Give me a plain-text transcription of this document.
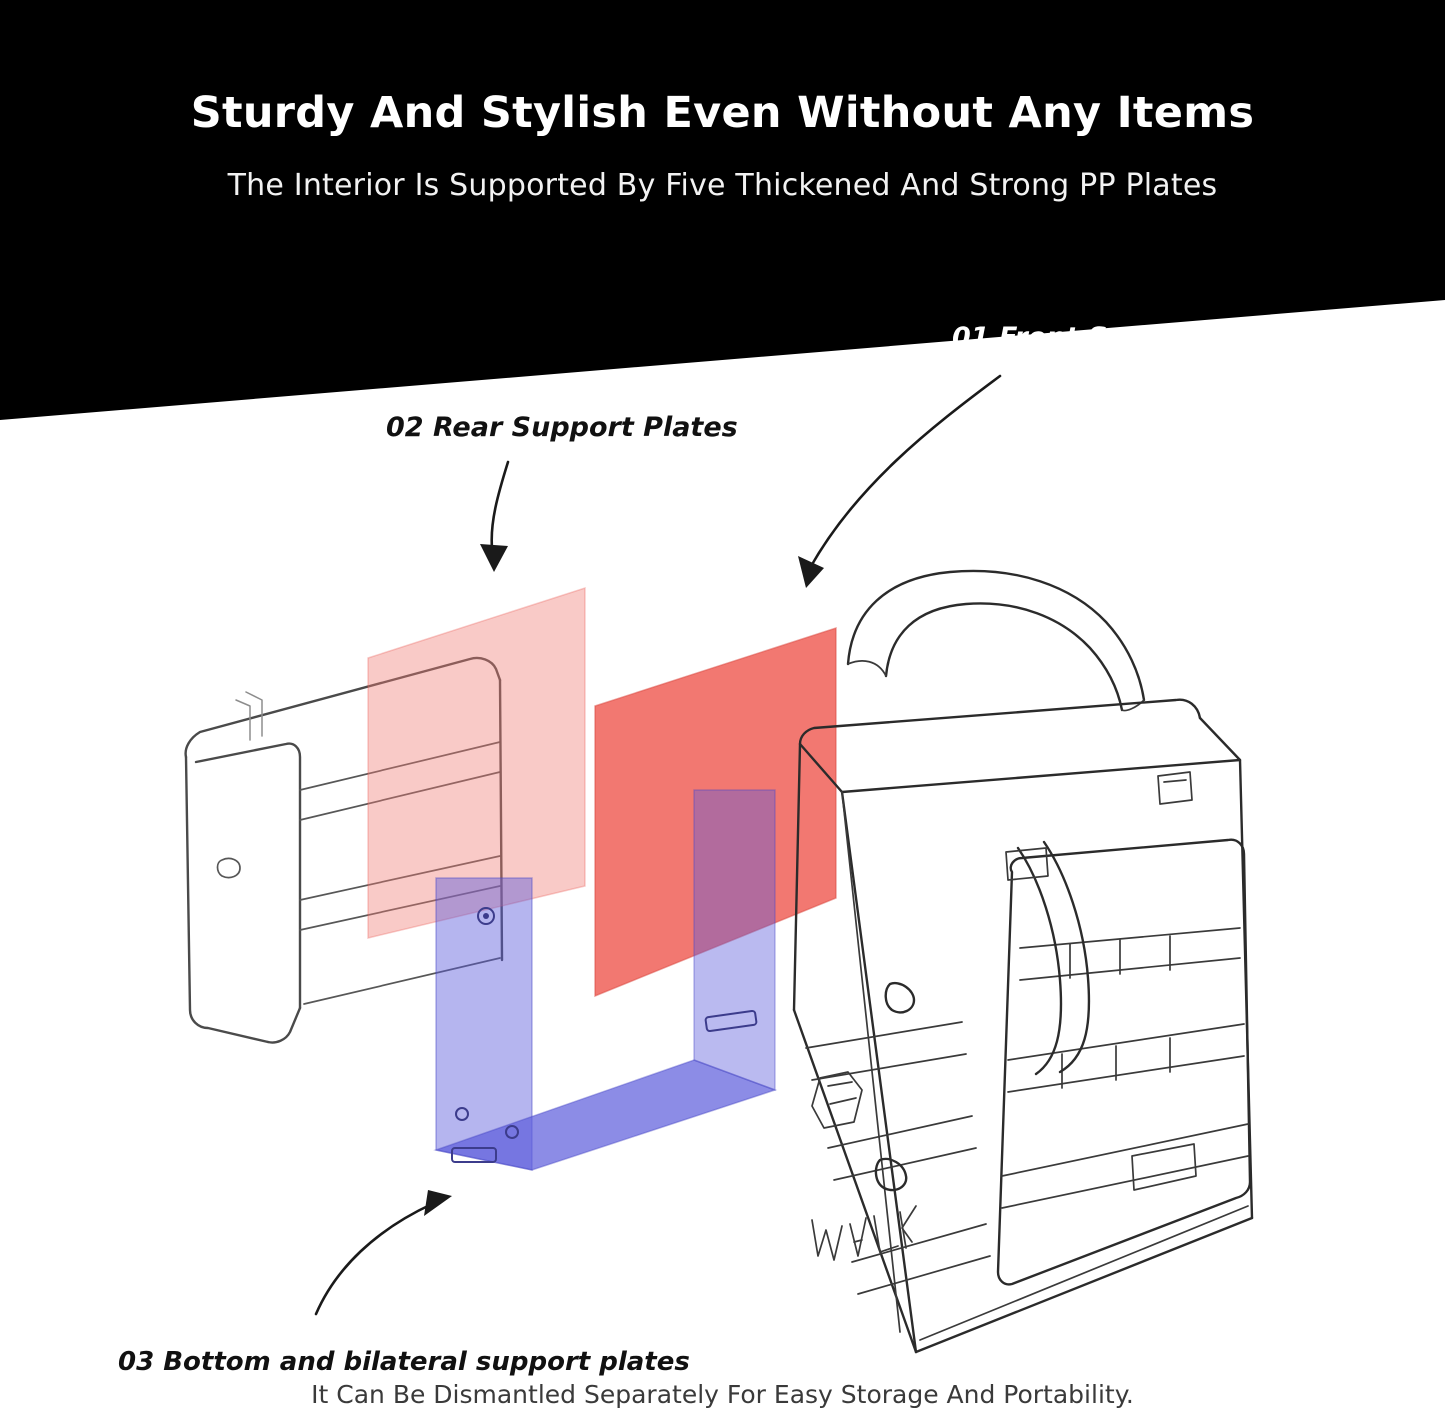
Sturdy And Stylish Even Without Any Items
The Interior Is Supported By Five Thickened And Strong PP Plates
01 Front Support Plates
02 Rear Support Plates
03 Bottom and bilateral support plates
It Can Be Dismantled Separately For Easy Storage And Portability.
